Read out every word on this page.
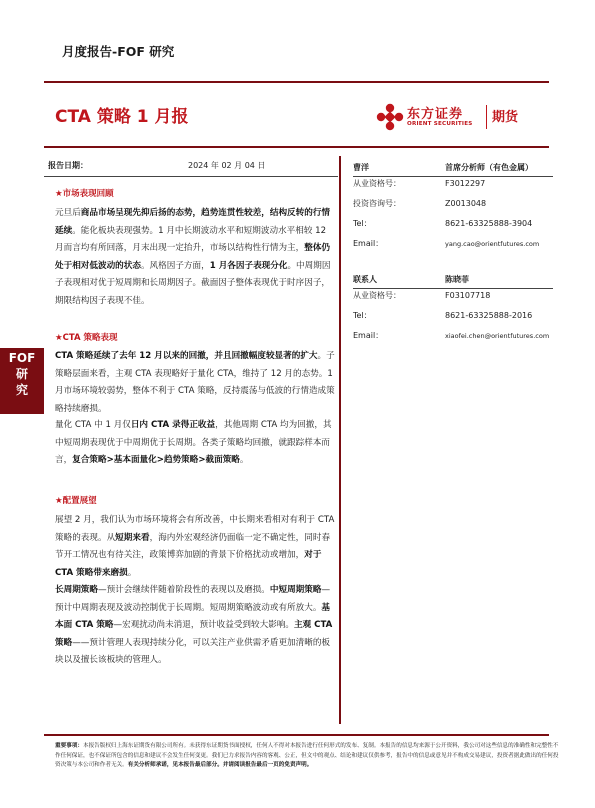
月度报告-FOF 研究
CTA 策略 1 月报	东方证券
ORIENT SECURITIES 期货
报告日期：	2024 年 02 月 04 日
FOF
研
究
★市场表现回顾

元旦后商品市场呈现先抑后扬的态势，趋势连贯性较差，结构反转的行情延续。能化板块表现强势。1 月中长期波动水平和短期波动水平相较 12 月而言均有所回落，月末出现一定抬升，市场以结构性行情为主，整体仍处于相对低波动的状态。风格因子方面，1 月各因子表现分化。中周期因子表现相对优于短周期和长周期因子。截面因子整体表现优于时序因子，期限结构因子表现不佳。

★CTA 策略表现

CTA 策略延续了去年 12 月以来的回撤，并且回撤幅度较显著的扩大。子策略层面来看，主观 CTA 表现略好于量化 CTA，维持了 12 月的态势。1 月市场环境较弱势，整体不利于 CTA 策略，反持震荡与低波的行情造成策略持续磨损。

量化 CTA 中 1 月仅日内 CTA 录得正收益，其他周期 CTA 均为回撤，其中短周期表现优于中周期优于长周期。各类子策略均回撤，就跟踪样本而言，复合策略>基本面量化>趋势策略>截面策略。

★配置展望

展望 2 月，我们认为市场环境将会有所改善，中长期来看相对有利于 CTA 策略的表现。从短期来看，海内外宏观经济仍面临一定不确定性，同时春节开工情况也有待关注，政策博弈加剧的背景下价格扰动或增加，对于 CTA 策略带来磨损。

长周期策略—预计会继续伴随着阶段性的表现以及磨损。中短周期策略—预计中周期表现及波动控制优于长周期。短周期策略波动或有所放大。基本面 CTA 策略—宏观扰动尚未消退，预计收益受到较大影响。主观 CTA 策略——预计管理人表现持续分化，可以关注产业供需矛盾更加清晰的板块以及擅长该板块的管理人。

曹洋	首席分析师（有色金属）
从业资格号：	F3012297
投资咨询号：	Z0013048
Tel：	8621-63325888-3904
Email：	yang.cao@orientfutures.com
联系人	陈晓菲
从业资格号：	F03107718
Tel：	8621-63325888-2016
Email：	xiaofei.chen@orientfutures.com
重要事项：本报告版权归上海东证期货有限公司所有。未获得东证期货书面授权，任何人不得对本报告进行任何形式的发布、复制。本报告的信息均来源于公开资料，我公司对这些信息的准确性和完整性不作任何保证，也不保证所包含的信息和建议不会发生任何变更。我们已力求报告内容的客观、公正，但文中的观点、结论和建议仅供参考，报告中的信息或意见并不构成交易建议，投资者据此做出的任何投资决策与本公司和作者无关。有关分析师承诺，见本报告最后部分。并请阅读报告最后一页的免责声明。
